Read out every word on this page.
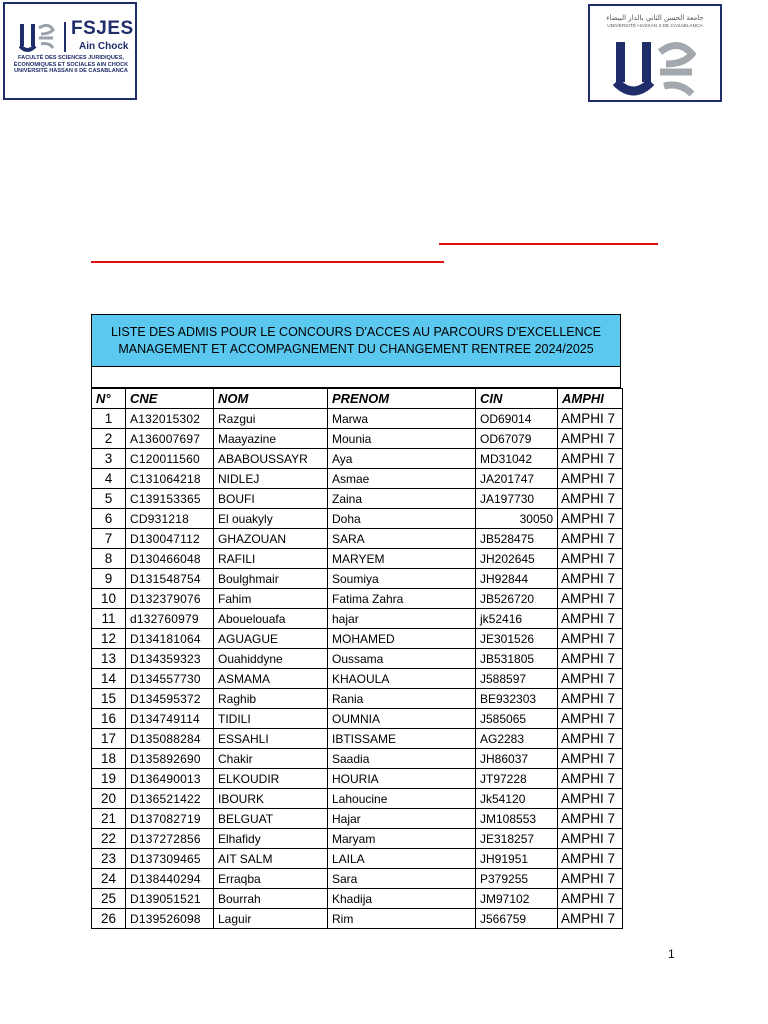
FSJES
Ain Chock
FACULTÉ DES SCIENCES JURIDIQUES, ÉCONOMIQUES ET SOCIALES AIN CHOCK UNIVERSITÉ HASSAN II DE CASABLANCA
جامعة الحسن الثاني بالدار البيضاء
UNIVERSITÉ HASSAN II DE CASABLANCA
LISTE DES ADMIS POUR LE CONCOURS D'ACCES AU PARCOURS D'EXCELLENCE
MANAGEMENT ET ACCOMPAGNEMENT DU CHANGEMENT RENTREE 2024/2025
N°	CNE	NOM	PRENOM	CIN	AMPHI
1	A132015302	Razgui	Marwa	OD69014	AMPHI 7
2	A136007697	Maayazine	Mounia	OD67079	AMPHI 7
3	C120011560	ABABOUSSAYR	Aya	MD31042	AMPHI 7
4	C131064218	NIDLEJ	Asmae	JA201747	AMPHI 7
5	C139153365	BOUFI	Zaina	JA197730	AMPHI 7
6	CD931218	El ouakyly	Doha	30050	AMPHI 7
7	D130047112	GHAZOUAN	SARA	JB528475	AMPHI 7
8	D130466048	RAFILI	MARYEM	JH202645	AMPHI 7
9	D131548754	Boulghmair	Soumiya	JH92844	AMPHI 7
10	D132379076	Fahim	Fatima Zahra	JB526720	AMPHI 7
11	d132760979	Abouelouafa	hajar	jk52416	AMPHI 7
12	D134181064	AGUAGUE	MOHAMED	JE301526	AMPHI 7
13	D134359323	Ouahiddyne	Oussama	JB531805	AMPHI 7
14	D134557730	ASMAMA	KHAOULA	J588597	AMPHI 7
15	D134595372	Raghib	Rania	BE932303	AMPHI 7
16	D134749114	TIDILI	OUMNIA	J585065	AMPHI 7
17	D135088284	ESSAHLI	IBTISSAME	AG2283	AMPHI 7
18	D135892690	Chakir	Saadia	JH86037	AMPHI 7
19	D136490013	ELKOUDIR	HOURIA	JT97228	AMPHI 7
20	D136521422	IBOURK	Lahoucine	Jk54120	AMPHI 7
21	D137082719	BELGUAT	Hajar	JM108553	AMPHI 7
22	D137272856	Elhafidy	Maryam	JE318257	AMPHI 7
23	D137309465	AIT SALM	LAILA	JH91951	AMPHI 7
24	D138440294	Erraqba	Sara	P379255	AMPHI 7
25	D139051521	Bourrah	Khadija	JM97102	AMPHI 7
26	D139526098	Laguir	Rim	J566759	AMPHI 7
1
